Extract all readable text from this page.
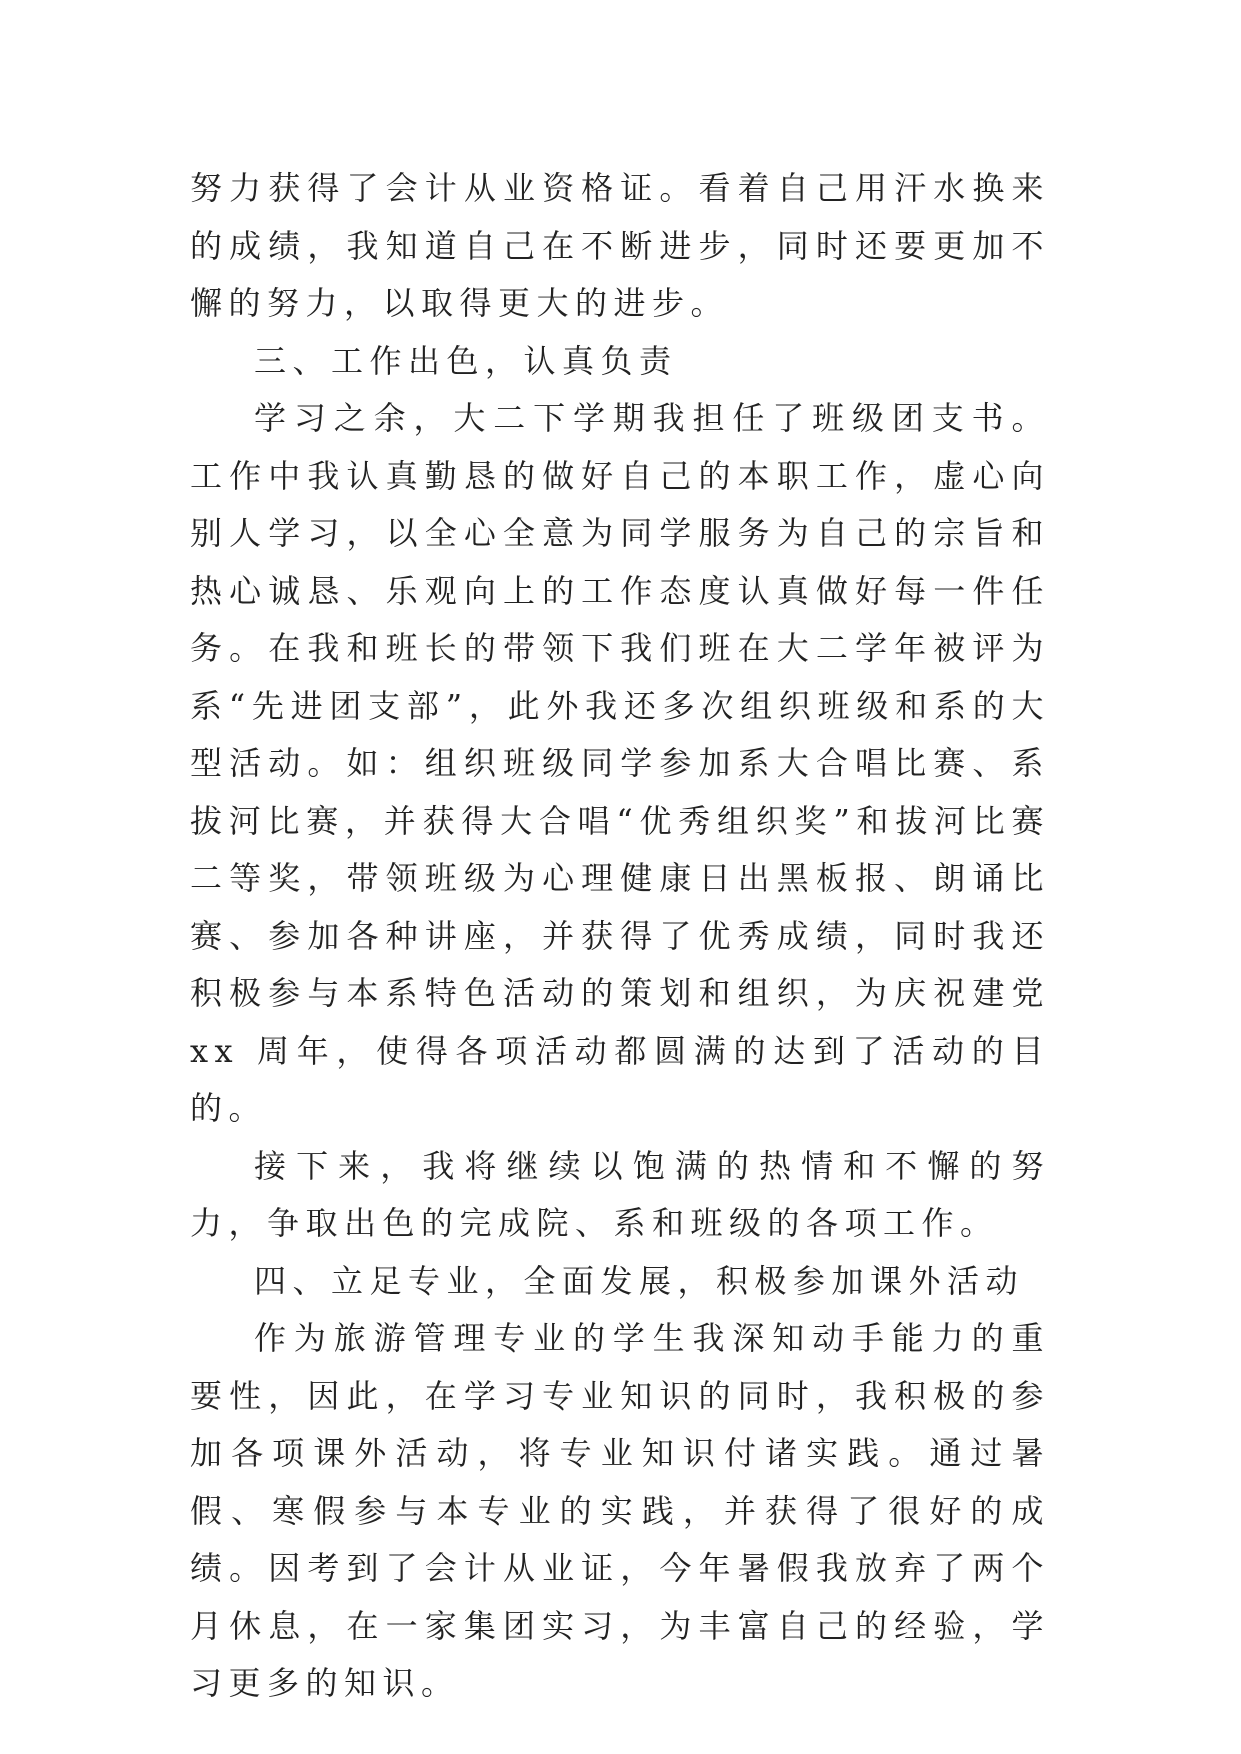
努力获得了会计从业资格证。看着自己用汗水换来的成绩，我知道自己在不断进步，同时还要更加不懈的努力，以取得更大的进步。

三、工作出色，认真负责

学习之余，大二下学期我担任了班级团支书。工作中我认真勤恳的做好自己的本职工作，虚心向别人学习，以全心全意为同学服务为自己的宗旨和热心诚恳、乐观向上的工作态度认真做好每一件任务。在我和班长的带领下我们班在大二学年被评为系“先进团支部”，此外我还多次组织班级和系的大型活动。如：组织班级同学参加系大合唱比赛、系拔河比赛，并获得大合唱“优秀组织奖”和拔河比赛二等奖，带领班级为心理健康日出黑板报、朗诵比赛、参加各种讲座，并获得了优秀成绩，同时我还积极参与本系特色活动的策划和组织，为庆祝建党 xx 周年，使得各项活动都圆满的达到了活动的目的。

接下来，我将继续以饱满的热情和不懈的努力，争取出色的完成院、系和班级的各项工作。

四、立足专业，全面发展，积极参加课外活动

作为旅游管理专业的学生我深知动手能力的重要性，因此，在学习专业知识的同时，我积极的参加各项课外活动，将专业知识付诸实践。通过暑假、寒假参与本专业的实践，并获得了很好的成绩。因考到了会计从业证，今年暑假我放弃了两个月休息，在一家集团实习，为丰富自己的经验，学习更多的知识。
